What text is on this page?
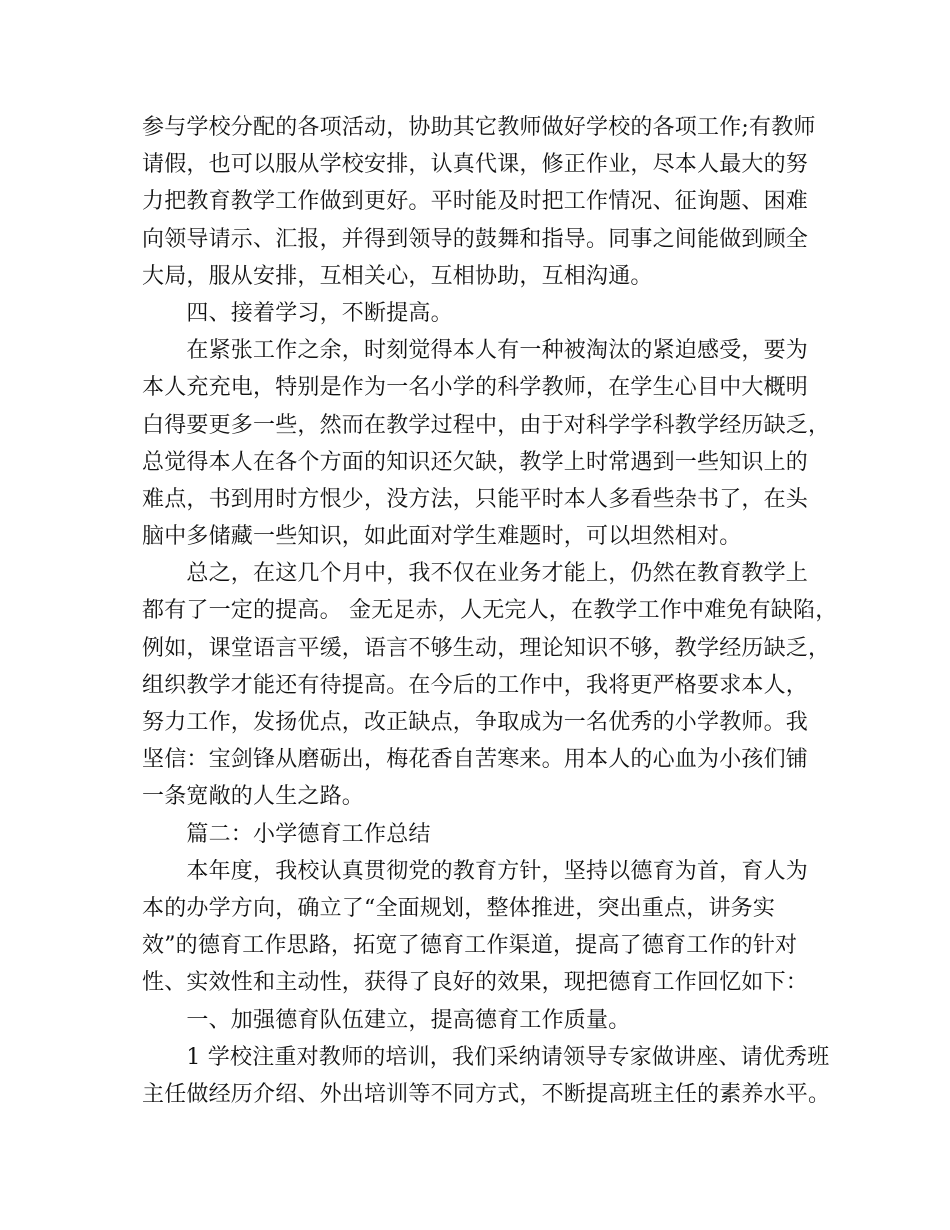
参与学校分配的各项活动，协助其它教师做好学校的各项工作;有教师
请假，也可以服从学校安排，认真代课，修正作业，尽本人最大的努
力把教育教学工作做到更好。平时能及时把工作情况、征询题、困难
向领导请示、汇报，并得到领导的鼓舞和指导。同事之间能做到顾全
大局，服从安排，互相关心，互相协助，互相沟通。
　　四、接着学习，不断提高。
　　在紧张工作之余，时刻觉得本人有一种被淘汰的紧迫感受，要为
本人充充电，特别是作为一名小学的科学教师，在学生心目中大概明
白得要更多一些，然而在教学过程中，由于对科学学科教学经历缺乏，
总觉得本人在各个方面的知识还欠缺，教学上时常遇到一些知识上的
难点，书到用时方恨少，没方法，只能平时本人多看些杂书了，在头
脑中多储藏一些知识，如此面对学生难题时，可以坦然相对。
　　总之，在这几个月中，我不仅在业务才能上，仍然在教育教学上
都有了一定的提高。 金无足赤，人无完人，在教学工作中难免有缺陷，
例如，课堂语言平缓，语言不够生动，理论知识不够，教学经历缺乏，
组织教学才能还有待提高。在今后的工作中，我将更严格要求本人，
努力工作，发扬优点，改正缺点，争取成为一名优秀的小学教师。我
坚信：宝剑锋从磨砺出，梅花香自苦寒来。用本人的心血为小孩们铺
一条宽敞的人生之路。
　　篇二：小学德育工作总结
　　本年度，我校认真贯彻党的教育方针，坚持以德育为首，育人为
本的办学方向，确立了“全面规划，整体推进，突出重点，讲务实
效”的德育工作思路，拓宽了德育工作渠道，提高了德育工作的针对
性、实效性和主动性，获得了良好的效果，现把德育工作回忆如下：
　　一、加强德育队伍建立，提高德育工作质量。
　　1 学校注重对教师的培训，我们采纳请领导专家做讲座、请优秀班
主任做经历介绍、外出培训等不同方式，不断提高班主任的素养水平。
